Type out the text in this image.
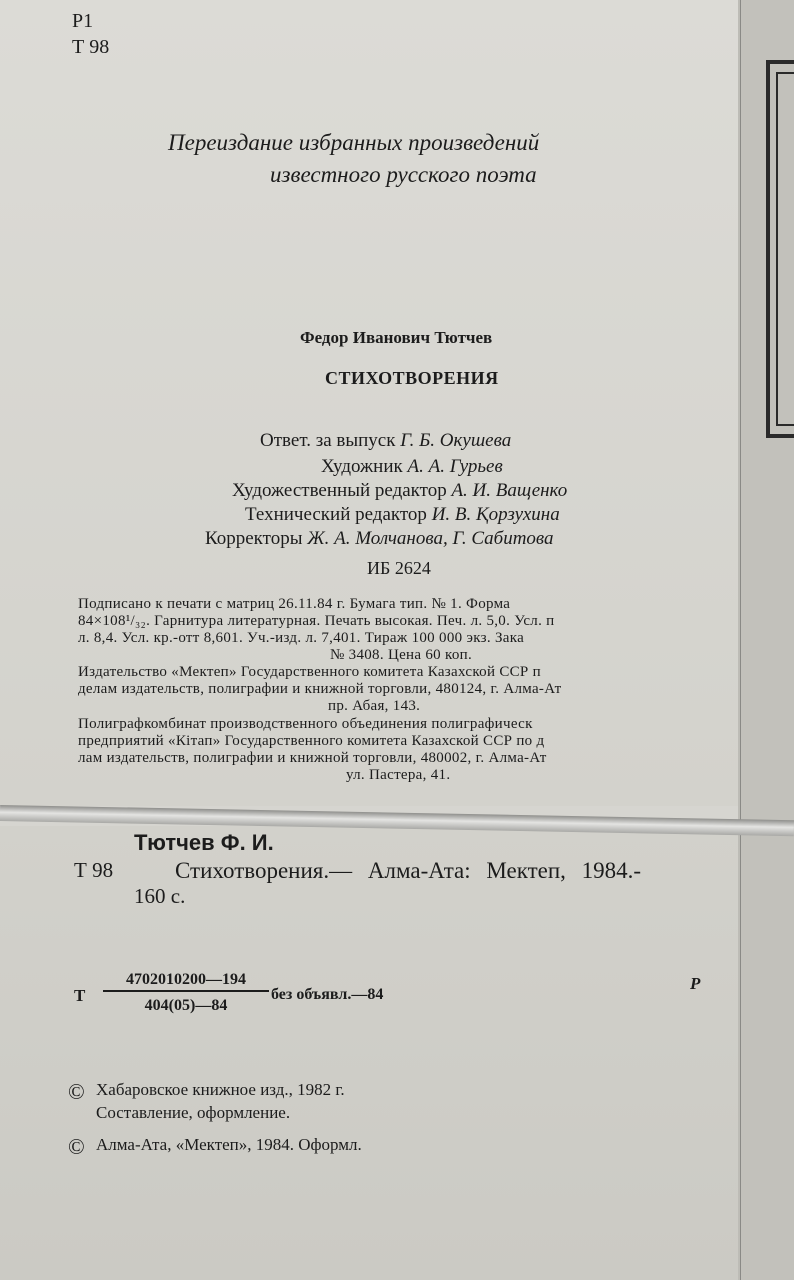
Р1
Т 98
Переиздание избранных произведений
известного русского поэта
Федор Иванович Тютчев
СТИХОТВОРЕНИЯ
Ответ. за выпуск Г. Б. Окушева
Художник А. А. Гурьев
Художественный редактор А. И. Ващенко
Технический редактор И. В. Қорзухина
Корректоры Ж. А. Молчанова, Г. Сабитова
ИБ 2624
Подписано к печати с матриц 26.11.84 г. Бумага тип. № 1. Форма
84×108¹/₃₂. Гарнитура литературная. Печать высокая. Печ. л. 5,0. Усл. п
л. 8,4. Усл. кр.-отт 8,601. Уч.-изд. л. 7,401. Тираж 100 000 экз. Зака
№ 3408. Цена 60 коп.
Издательство «Мектеп» Государственного комитета Казахской ССР п
делам издательств, полиграфии и книжной торговли, 480124, г. Алма-Ат
пр. Абая, 143.
Полиграфкомбинат производственного объединения полиграфическ
предприятий «Кітап» Государственного комитета Казахской ССР по д
лам издательств, полиграфии и книжной торговли, 480002, г. Алма-Ат
ул. Пастера, 41.
Тютчев Ф. И.
Т 98	Стихотворения.— Алма-Ата: Мектеп, 1984.-
160 с.
Т
4702010200—194
404(05)—84
без объявл.—84
Р
© Хабаровское книжное изд., 1982 г.
Составление, оформление.
© Алма-Ата, «Мектеп», 1984. Оформл.
